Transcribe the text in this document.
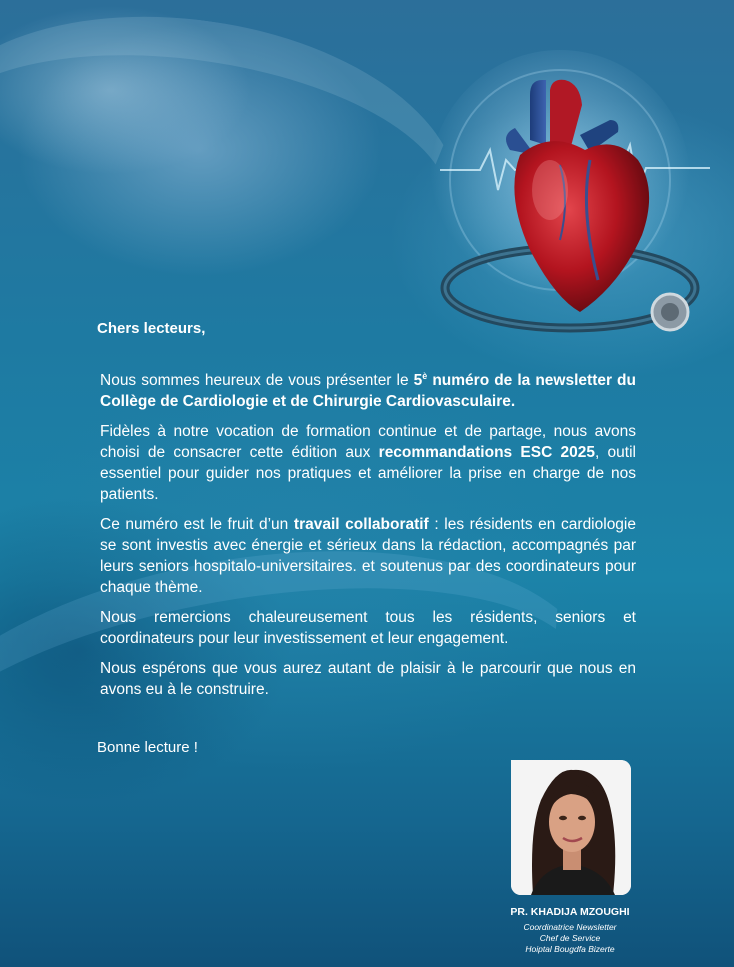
Chers lecteurs,

Nous sommes heureux de vous présenter le $5^è$ numéro de la newsletter du Collège de Cardiologie et de Chirurgie Cardiovasculaire.

Fidèles à notre vocation de formation continue et de partage, nous avons choisi de consacrer cette édition aux recommandations ESC 2025, outil essentiel pour guider nos pratiques et améliorer la prise en charge de nos patients.

Ce numéro est le fruit d’un travail collaboratif : les résidents en cardiologie se sont investis avec énergie et sérieux dans la rédaction, accompagnés par leurs seniors hospitalo-universitaires. et soutenus par des coordinateurs pour chaque thème.

Nous remercions chaleureusement tous les résidents, seniors et coordinateurs pour leur investissement et leur engagement.

Nous espérons que vous aurez autant de plaisir à le parcourir que nous en avons eu à le construire.

Bonne lecture !
PR. KHADIJA MZOUGHI
Coordinatrice Newsletter
Chef de Service
Hoiptal Bougdfa Bizerte
